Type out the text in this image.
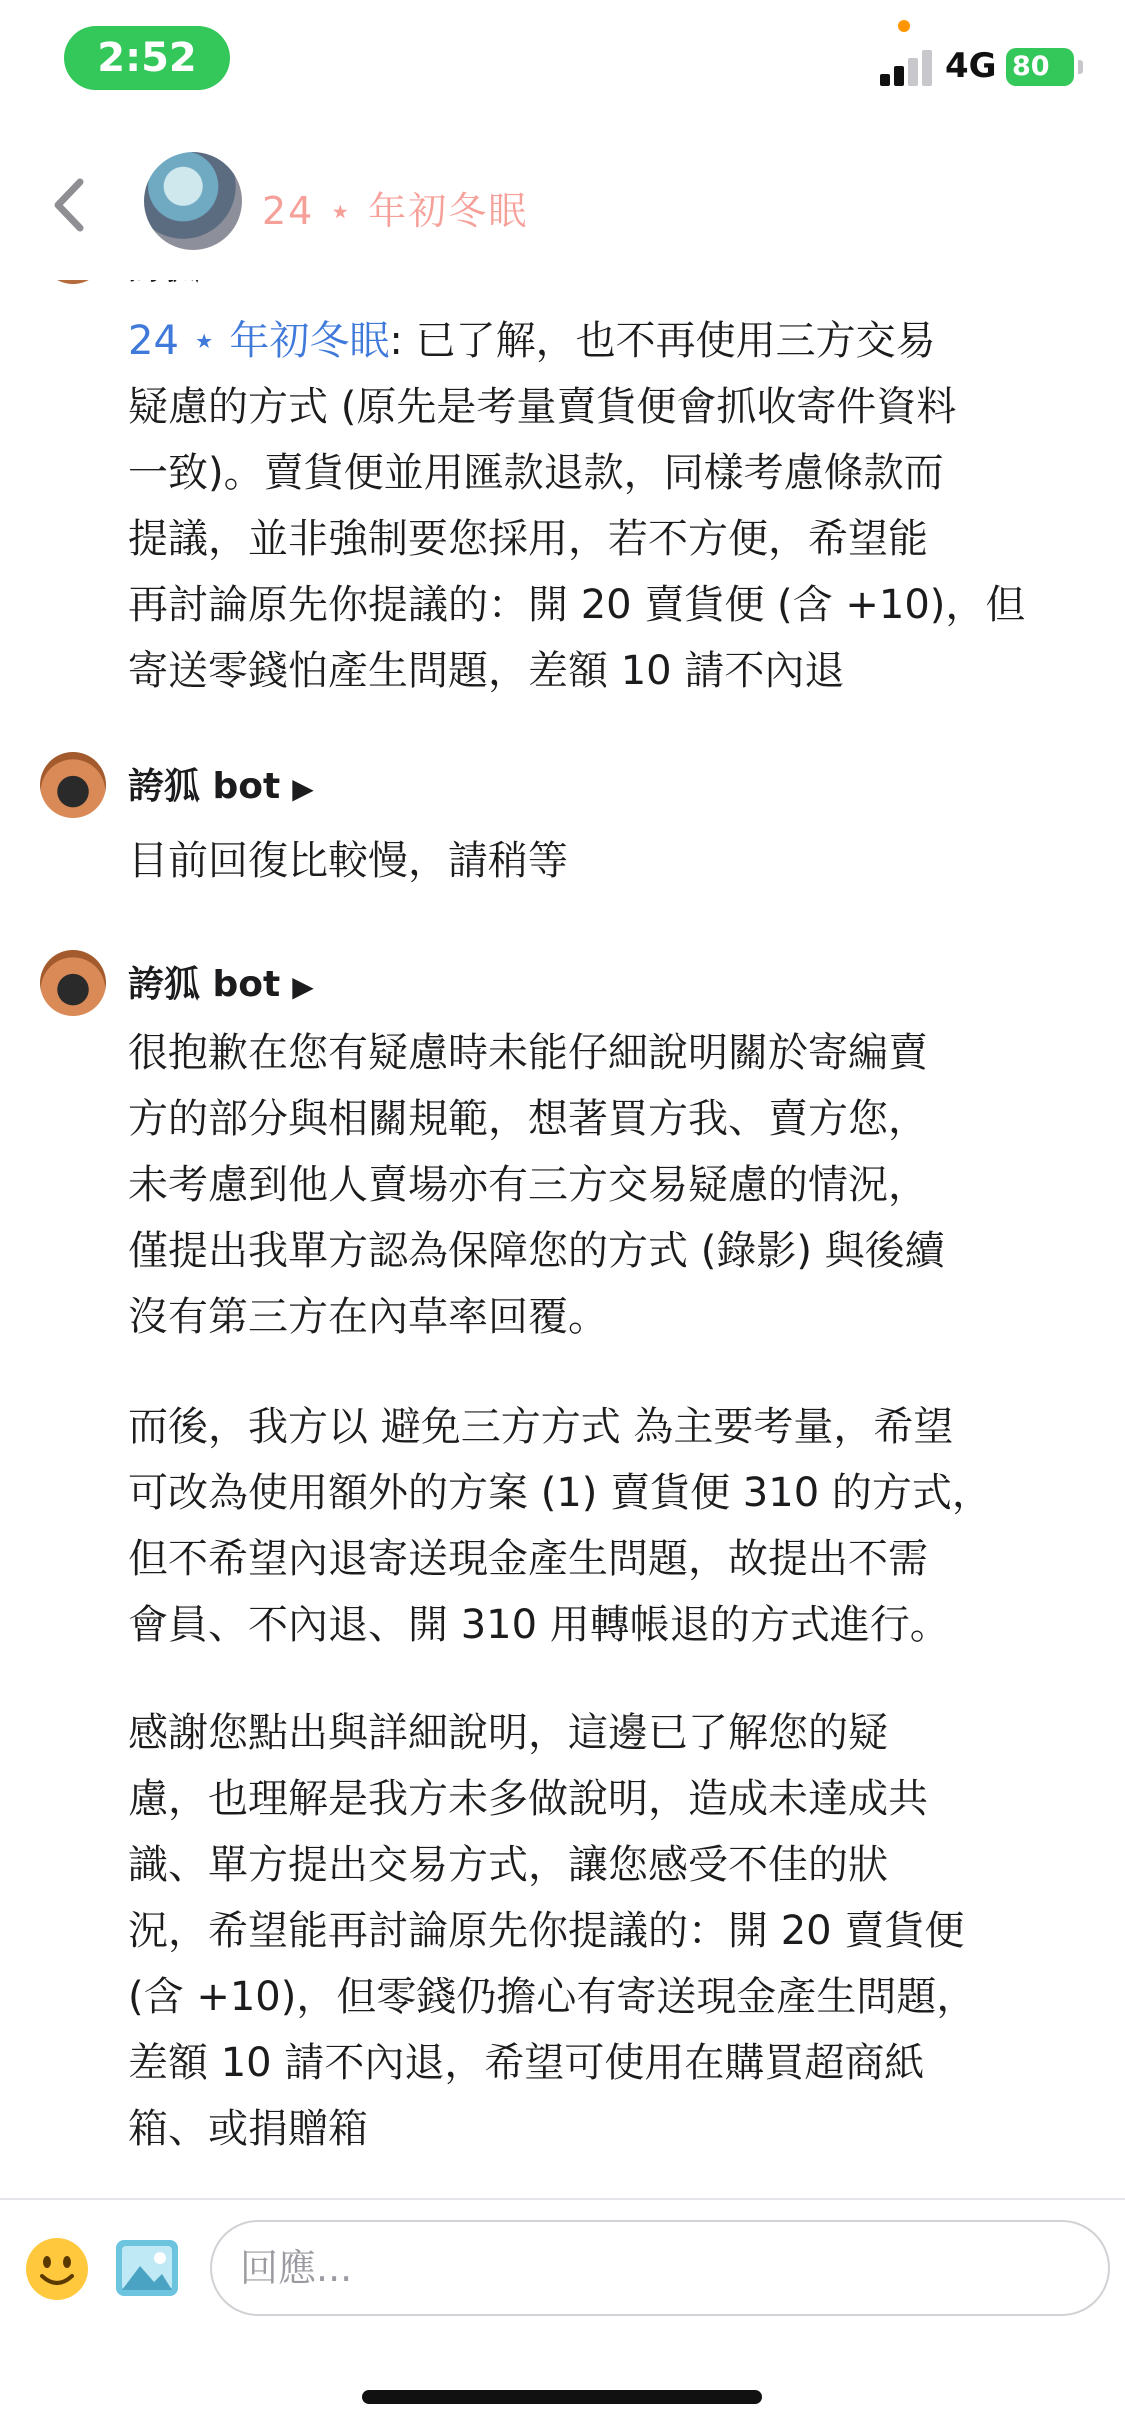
2:52	4G 80
24 ⋆ 年初冬眠

24 ⋆ 年初冬眠: 已了解，也不再使用三方交易
疑慮的方式 (原先是考量賣貨便會抓收寄件資料
一致)。賣貨便並用匯款退款，同樣考慮條款而
提議，並非強制要您採用，若不方便，希望能
再討論原先你提議的：開 20 賣貨便 (含 +10)，但
寄送零錢怕產生問題，差額 10 請不內退

誇狐 bot ▶

目前回復比較慢，請稍等

誇狐 bot ▶

很抱歉在您有疑慮時未能仔細說明關於寄編賣
方的部分與相關規範，想著買方我、賣方您，
未考慮到他人賣場亦有三方交易疑慮的情況，
僅提出我單方認為保障您的方式 (錄影) 與後續
沒有第三方在內草率回覆。

而後，我方以 避免三方方式 為主要考量，希望
可改為使用額外的方案 (1) 賣貨便 310 的方式，
但不希望內退寄送現金產生問題，故提出不需
會員、不內退、開 310 用轉帳退的方式進行。

感謝您點出與詳細說明，這邊已了解您的疑
慮，也理解是我方未多做說明，造成未達成共
識、單方提出交易方式，讓您感受不佳的狀
況，希望能再討論原先你提議的：開 20 賣貨便
(含 +10)，但零錢仍擔心有寄送現金產生問題，
差額 10 請不內退，希望可使用在購買超商紙
箱、或捐贈箱

回應...
